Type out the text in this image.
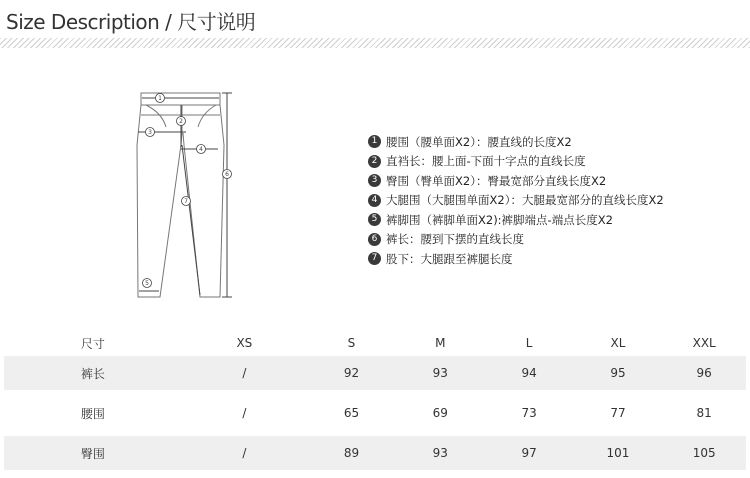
Size Description / 尺寸说明
1
2
3
4
5
6
7
1 腰围（腰单面X2）：腰直线的长度X2
2 直裆长：腰上面-下面十字点的直线长度
3 臀围（臀单面X2）：臀最宽部分直线长度X2
4 大腿围（大腿围单面X2）：大腿最宽部分的直线长度X2
5 裤脚围（裤脚单面X2):裤脚端点-端点长度X2
6 裤长：腰到下摆的直线长度
7 股下：大腿跟至裤腿长度
尺寸	XS	S	M	L	XL	XXL
裤长	/	92	93	94	95	96
腰围	/	65	69	73	77	81
臀围	/	89	93	97	101	105
